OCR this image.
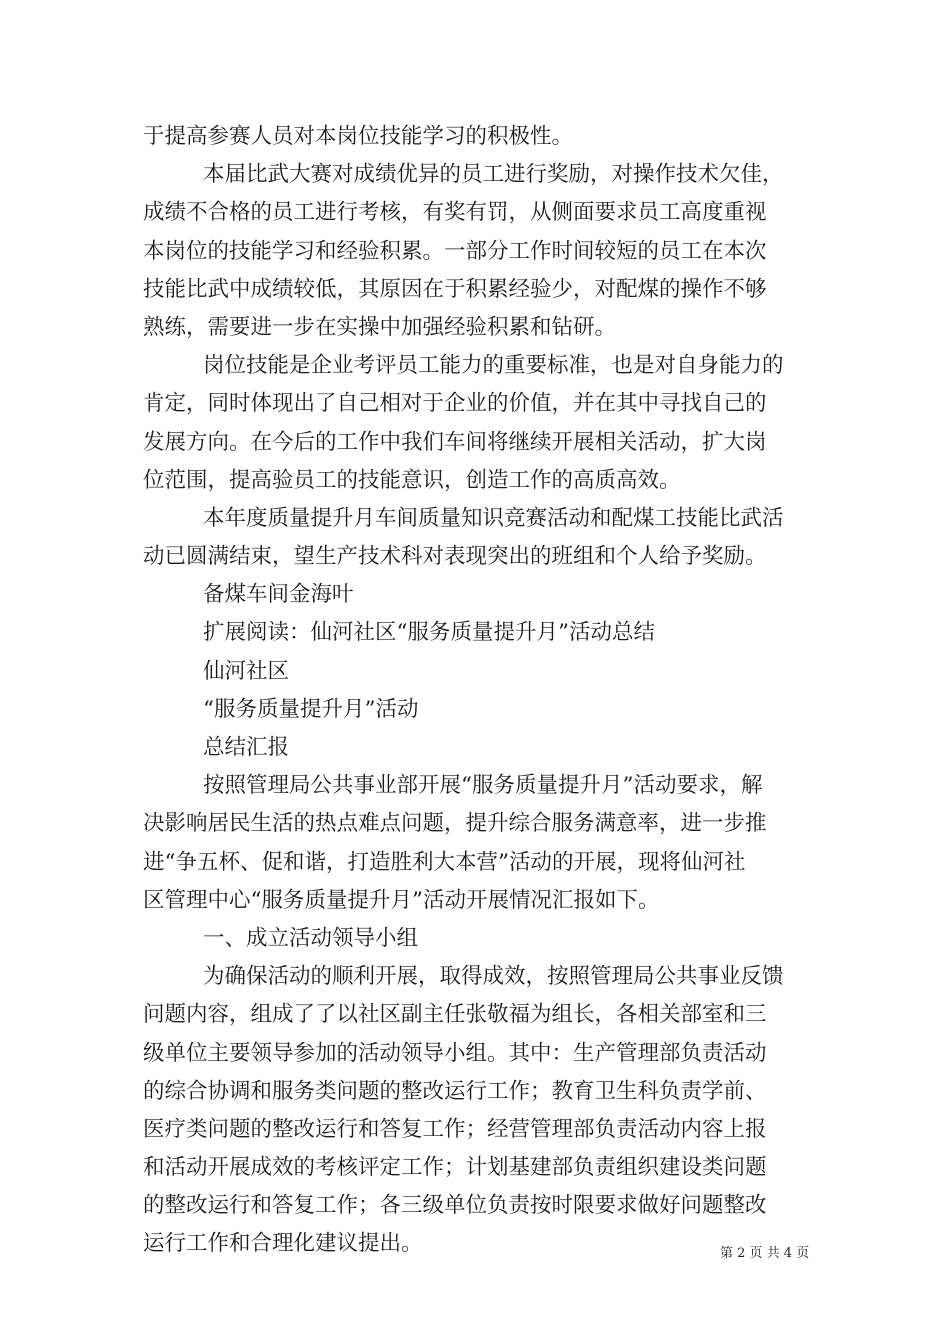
于提高参赛人员对本岗位技能学习的积极性。
本届比武大赛对成绩优异的员工进行奖励，对操作技术欠佳，
成绩不合格的员工进行考核，有奖有罚，从侧面要求员工高度重视
本岗位的技能学习和经验积累。一部分工作时间较短的员工在本次
技能比武中成绩较低，其原因在于积累经验少，对配煤的操作不够
熟练，需要进一步在实操中加强经验积累和钻研。
岗位技能是企业考评员工能力的重要标准，也是对自身能力的
肯定，同时体现出了自己相对于企业的价值，并在其中寻找自己的
发展方向。在今后的工作中我们车间将继续开展相关活动，扩大岗
位范围，提高验员工的技能意识，创造工作的高质高效。
本年度质量提升月车间质量知识竞赛活动和配煤工技能比武活
动已圆满结束，望生产技术科对表现突出的班组和个人给予奖励。
备煤车间金海叶
扩展阅读：仙河社区“服务质量提升月”活动总结
仙河社区
“服务质量提升月”活动
总结汇报
按照管理局公共事业部开展“服务质量提升月”活动要求，解
决影响居民生活的热点难点问题，提升综合服务满意率，进一步推
进“争五杯、促和谐，打造胜利大本营”活动的开展，现将仙河社
区管理中心“服务质量提升月”活动开展情况汇报如下。
一、成立活动领导小组
为确保活动的顺利开展，取得成效，按照管理局公共事业反馈
问题内容，组成了了以社区副主任张敬福为组长，各相关部室和三
级单位主要领导参加的活动领导小组。其中：生产管理部负责活动
的综合协调和服务类问题的整改运行工作；教育卫生科负责学前、
医疗类问题的整改运行和答复工作；经营管理部负责活动内容上报
和活动开展成效的考核评定工作；计划基建部负责组织建设类问题
的整改运行和答复工作；各三级单位负责按时限要求做好问题整改
运行工作和合理化建议提出。	第 2 页 共 4 页
